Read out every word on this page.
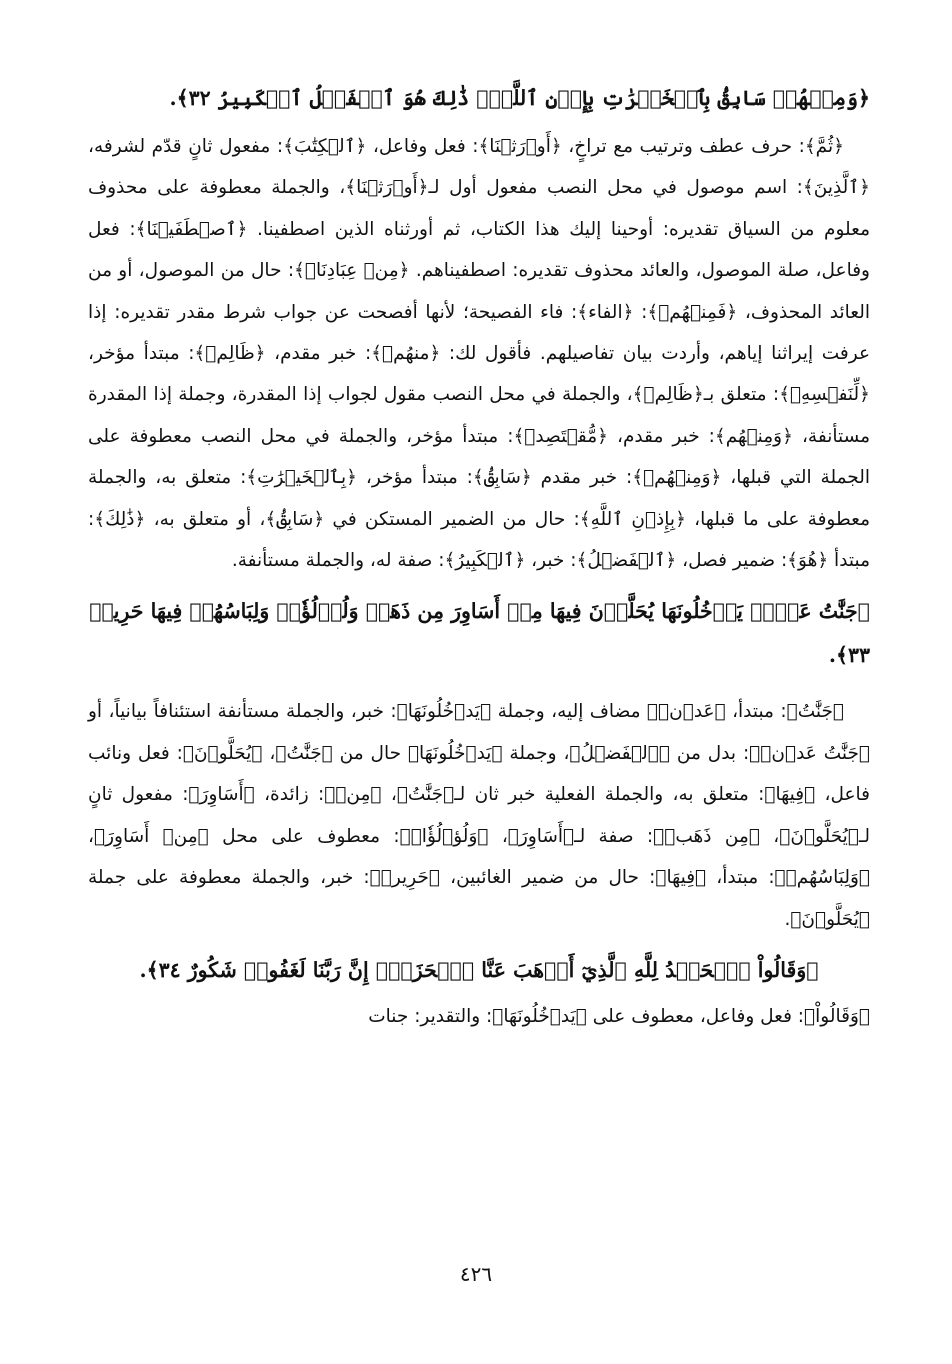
﴿وَمِنۡهُمۡ سَابِقُۢ بِٱلۡخَيۡرَٰتِ بِإِذۡنِ ٱللَّهِۚ ذَٰلِكَ هُوَ ٱلۡفَضۡلُ ٱلۡكَبِيرُ ٣٢﴾.

﴿ثُمَّ﴾: حرف عطف وترتيب مع تراخٍ، ﴿أَوۡرَثۡنَا﴾: فعل وفاعل، ﴿ٱلۡكِتَٰبَ﴾: مفعول ثانٍ قدّم لشرفه، ﴿ٱلَّذِينَ﴾: اسم موصول في محل النصب مفعول أول لـ﴿أَوۡرَثۡنَا﴾، والجملة معطوفة على محذوف معلوم من السياق تقديره: أوحينا إليك هذا الكتاب، ثم أورثناه الذين اصطفينا. ﴿ٱصۡطَفَيۡنَا﴾: فعل وفاعل، صلة الموصول، والعائد محذوف تقديره: اصطفيناهم. ﴿مِنۡ عِبَادِنَاۖ﴾: حال من الموصول، أو من العائد المحذوف، ﴿فَمِنۡهُمۡ﴾: ﴿الفاء﴾: فاء الفصيحة؛ لأنها أفصحت عن جواب شرط مقدر تقديره: إذا عرفت إيراثنا إياهم، وأردت بيان تفاصيلهم. فأقول لك: ﴿منهُمۡ﴾: خبر مقدم، ﴿ظَالِمٞ﴾: مبتدأ مؤخر، ﴿لِّنَفۡسِهِۦ﴾: متعلق بـ﴿ظَالِمٞ﴾، والجملة في محل النصب مقول لجواب إذا المقدرة، وجملة إذا المقدرة مستأنفة، ﴿وَمِنۡهُم﴾: خبر مقدم، ﴿مُّقۡتَصِدٞ﴾: مبتدأ مؤخر، والجملة في محل النصب معطوفة على الجملة التي قبلها، ﴿وَمِنۡهُمۡ﴾: خبر مقدم ﴿سَابِقُۢ﴾: مبتدأ مؤخر، ﴿بِٱلۡخَيۡرَٰتِ﴾: متعلق به، والجملة معطوفة على ما قبلها، ﴿بِإِذۡنِ ٱللَّهِ﴾: حال من الضمير المستكن في ﴿سَابِقُۢ﴾، أو متعلق به، ﴿ذَٰلِكَ﴾: مبتدأ ﴿هُوَ﴾: ضمير فصل، ﴿ٱلۡفَضۡلُ﴾: خبر، ﴿ٱلۡكَبِيرُ﴾: صفة له، والجملة مستأنفة.

﴿جَنَّٰتُ عَدۡنٖ يَدۡخُلُونَهَا يُحَلَّوۡنَ فِيهَا مِنۡ أَسَاوِرَ مِن ذَهَبٖ وَلُؤۡلُؤٗاۖ وَلِبَاسُهُمۡ فِيهَا حَرِيرٞ ٣٣﴾.

﴿جَنَّٰتُ﴾: مبتدأ، ﴿عَدۡنٖ﴾ مضاف إليه، وجملة ﴿يَدۡخُلُونَهَا﴾: خبر، والجملة مستأنفة استئنافاً بيانياً، أو ﴿جَنَّٰتُ عَدۡنٖ﴾: بدل من ﴿ٱلۡفَضۡلُ﴾، وجملة ﴿يَدۡخُلُونَهَا﴾ حال من ﴿جَنَّٰتُ﴾، ﴿يُحَلَّوۡنَ﴾: فعل ونائب فاعل، ﴿فِيهَا﴾: متعلق به، والجملة الفعلية خبر ثان لـ﴿جَنَّٰتُ﴾، ﴿مِنۡ﴾: زائدة، ﴿أَسَاوِرَ﴾: مفعول ثانٍ لـ﴿يُحَلَّوۡنَ﴾، ﴿مِن ذَهَبٖ﴾: صفة لـ﴿أَسَاوِرَ﴾، ﴿وَلُؤۡلُؤٗاۖ﴾: معطوف على محل ﴿مِنۡ أَسَاوِرَ﴾، ﴿وَلِبَاسُهُمۡ﴾: مبتدأ، ﴿فِيهَا﴾: حال من ضمير الغائبين، ﴿حَرِيرٞ﴾: خبر، والجملة معطوفة على جملة ﴿يُحَلَّوۡنَ﴾.

﴿وَقَالُواْ ٱلۡحَمۡدُ لِلَّهِ ٱلَّذِيٓ أَذۡهَبَ عَنَّا ٱلۡحَزَنَۖ إِنَّ رَبَّنَا لَغَفُورٞ شَكُورٌ ٣٤﴾.

﴿وَقَالُواْ﴾: فعل وفاعل، معطوف على ﴿يَدۡخُلُونَهَا﴾: والتقدير: جنات

٤٢٦
